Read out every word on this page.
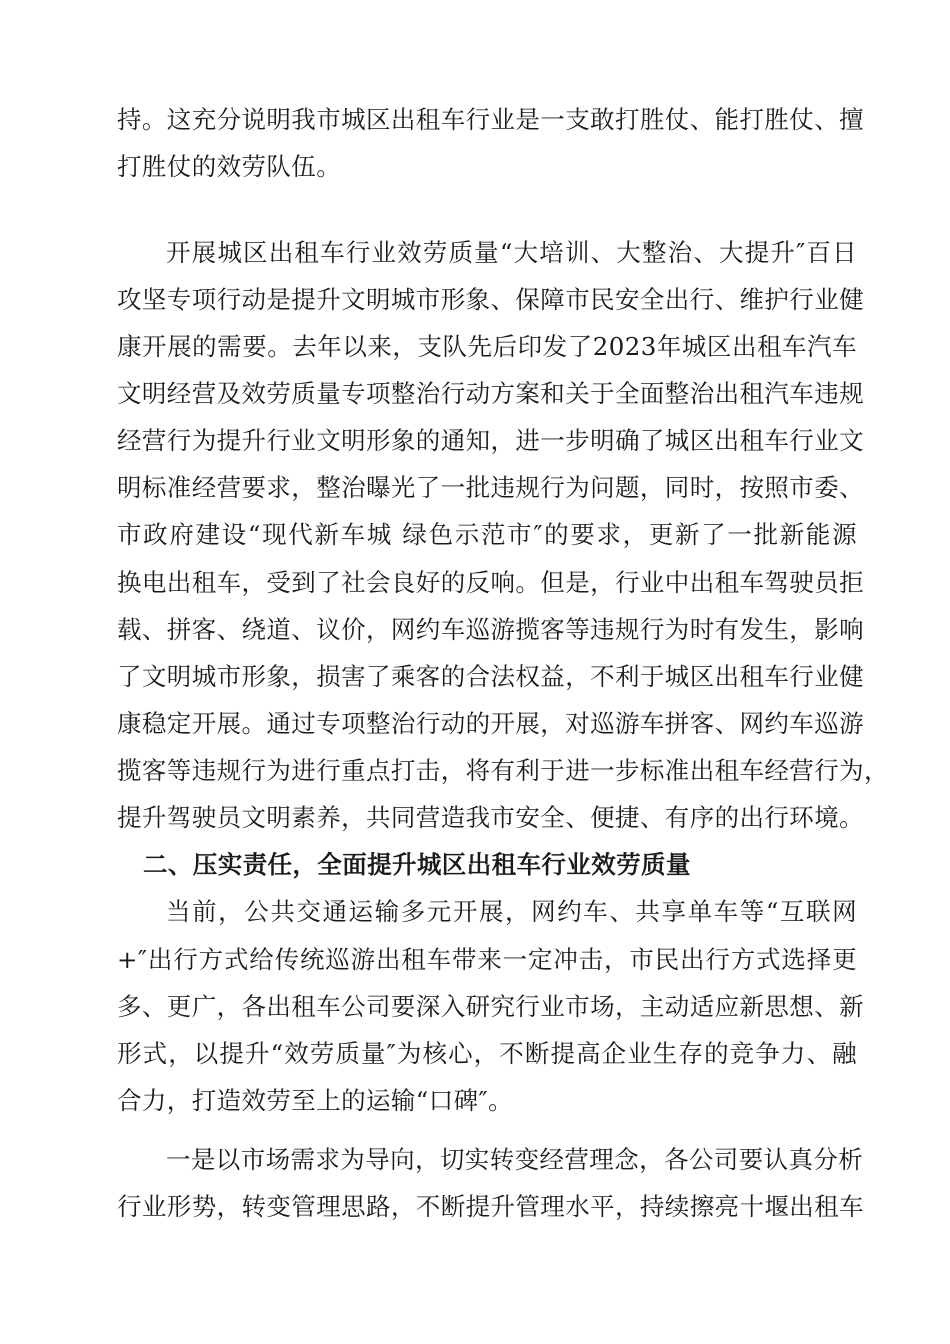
持。这充分说明我市城区出租车行业是一支敢打胜仗、能打胜仗、擅
打胜仗的效劳队伍。
开展城区出租车行业效劳质量“大培训、大整治、大提升″百日
攻坚专项行动是提升文明城市形象、保障市民安全出行、维护行业健
康开展的需要。去年以来，支队先后印发了2023年城区出租车汽车
文明经营及效劳质量专项整治行动方案和关于全面整治出租汽车违规
经营行为提升行业文明形象的通知，进一步明确了城区出租车行业文
明标准经营要求，整治曝光了一批违规行为问题，同时，按照市委、
市政府建设“现代新车城 绿色示范市″的要求，更新了一批新能源
换电出租车，受到了社会良好的反响。但是，行业中出租车驾驶员拒
载、拼客、绕道、议价，网约车巡游揽客等违规行为时有发生，影响
了文明城市形象，损害了乘客的合法权益，不利于城区出租车行业健
康稳定开展。通过专项整治行动的开展，对巡游车拼客、网约车巡游
揽客等违规行为进行重点打击，将有利于进一步标准出租车经营行为，
提升驾驶员文明素养，共同营造我市安全、便捷、有序的出行环境。
二、压实责任，全面提升城区出租车行业效劳质量
当前，公共交通运输多元开展，网约车、共享单车等“互联网
+″出行方式给传统巡游出租车带来一定冲击，市民出行方式选择更
多、更广，各出租车公司要深入研究行业市场，主动适应新思想、新
形式，以提升“效劳质量″为核心，不断提高企业生存的竞争力、融
合力，打造效劳至上的运输“口碑″。
一是以市场需求为导向，切实转变经营理念，各公司要认真分析
行业形势，转变管理思路，不断提升管理水平，持续擦亮十堰出租车
